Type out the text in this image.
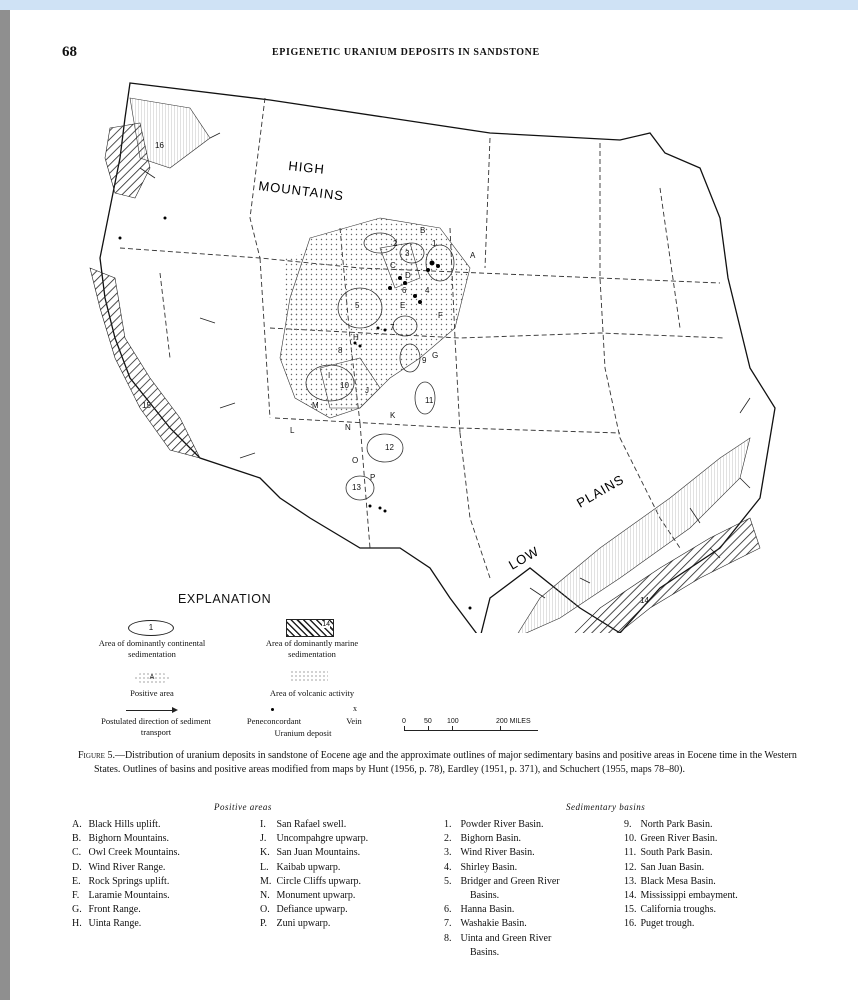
68	EPIGENETIC URANIUM DEPOSITS IN SANDSTONE
HIGH
MOUNTAINS
LOW
PLAINS
A
B
C
D
E
F
G
H
I
J
K
L
M
N
O
P
1
2
3
4
5
6
7
8
9
10
11
12
13
14
15
16
0	50 100	200 MILES
EXPLANATION
1
Area of dominantly continental sedimentation
14
Area of dominantly marine sedimentation
A
Positive area	Area of volcanic activity
Postulated direction of sediment transport
x
Peneconcordant	Vein
Uranium deposit
Figure 5.—Distribution of uranium deposits in sandstone of Eocene age and the approximate outlines of major sedimentary basins and positive areas in Eocene time in the Western States. Outlines of basins and positive areas modified from maps by Hunt (1956, p. 78), Eardley (1951, p. 371), and Schuchert (1955, maps 78–80).
Positive areas	Sedimentary basins
A. Black Hills uplift.
B. Bighorn Mountains.
C. Owl Creek Mountains.
D. Wind River Range.
E. Rock Springs uplift.
F. Laramie Mountains.
G. Front Range.
H. Uinta Range.
I. San Rafael swell.
J. Uncompahgre upwarp.
K. San Juan Mountains.
L. Kaibab upwarp.
M. Circle Cliffs upwarp.
N. Monument upwarp.
O. Defiance upwarp.
P. Zuni upwarp.
1. Powder River Basin.
2. Bighorn Basin.
3. Wind River Basin.
4. Shirley Basin.
5. Bridger and Green River
Basins.
6. Hanna Basin.
7. Washakie Basin.
8. Uinta and Green River
Basins.
9. North Park Basin.
10. Green River Basin.
11. South Park Basin.
12. San Juan Basin.
13. Black Mesa Basin.
14. Mississippi embayment.
15. California troughs.
16. Puget trough.
